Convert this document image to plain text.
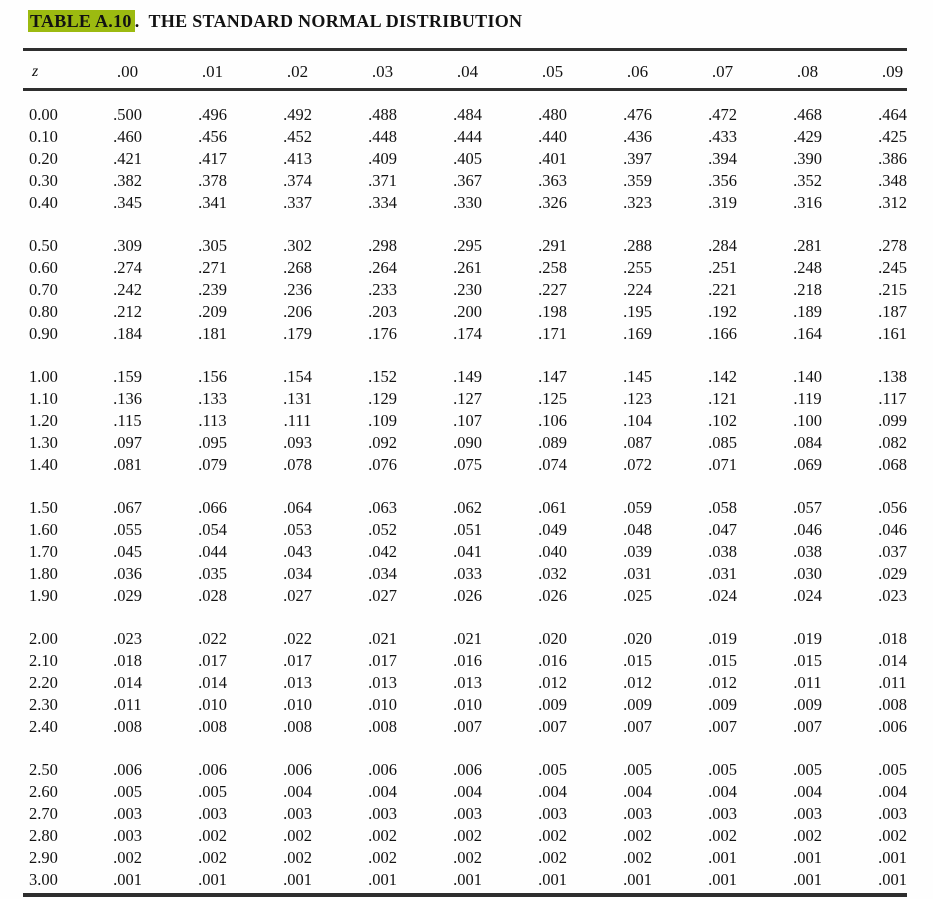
TABLE A.10 . THE STANDARD NORMAL DISTRIBUTION
z	.00	.01	.02	.03	.04	.05	.06	.07	.08	.09
0.00	.500	.496	.492	.488	.484	.480	.476	.472	.468	.464
0.10	.460	.456	.452	.448	.444	.440	.436	.433	.429	.425
0.20	.421	.417	.413	.409	.405	.401	.397	.394	.390	.386
0.30	.382	.378	.374	.371	.367	.363	.359	.356	.352	.348
0.40	.345	.341	.337	.334	.330	.326	.323	.319	.316	.312
0.50	.309	.305	.302	.298	.295	.291	.288	.284	.281	.278
0.60	.274	.271	.268	.264	.261	.258	.255	.251	.248	.245
0.70	.242	.239	.236	.233	.230	.227	.224	.221	.218	.215
0.80	.212	.209	.206	.203	.200	.198	.195	.192	.189	.187
0.90	.184	.181	.179	.176	.174	.171	.169	.166	.164	.161
1.00	.159	.156	.154	.152	.149	.147	.145	.142	.140	.138
1.10	.136	.133	.131	.129	.127	.125	.123	.121	.119	.117
1.20	.115	.113	.111	.109	.107	.106	.104	.102	.100	.099
1.30	.097	.095	.093	.092	.090	.089	.087	.085	.084	.082
1.40	.081	.079	.078	.076	.075	.074	.072	.071	.069	.068
1.50	.067	.066	.064	.063	.062	.061	.059	.058	.057	.056
1.60	.055	.054	.053	.052	.051	.049	.048	.047	.046	.046
1.70	.045	.044	.043	.042	.041	.040	.039	.038	.038	.037
1.80	.036	.035	.034	.034	.033	.032	.031	.031	.030	.029
1.90	.029	.028	.027	.027	.026	.026	.025	.024	.024	.023
2.00	.023	.022	.022	.021	.021	.020	.020	.019	.019	.018
2.10	.018	.017	.017	.017	.016	.016	.015	.015	.015	.014
2.20	.014	.014	.013	.013	.013	.012	.012	.012	.011	.011
2.30	.011	.010	.010	.010	.010	.009	.009	.009	.009	.008
2.40	.008	.008	.008	.008	.007	.007	.007	.007	.007	.006
2.50	.006	.006	.006	.006	.006	.005	.005	.005	.005	.005
2.60	.005	.005	.004	.004	.004	.004	.004	.004	.004	.004
2.70	.003	.003	.003	.003	.003	.003	.003	.003	.003	.003
2.80	.003	.002	.002	.002	.002	.002	.002	.002	.002	.002
2.90	.002	.002	.002	.002	.002	.002	.002	.001	.001	.001
3.00	.001	.001	.001	.001	.001	.001	.001	.001	.001	.001
